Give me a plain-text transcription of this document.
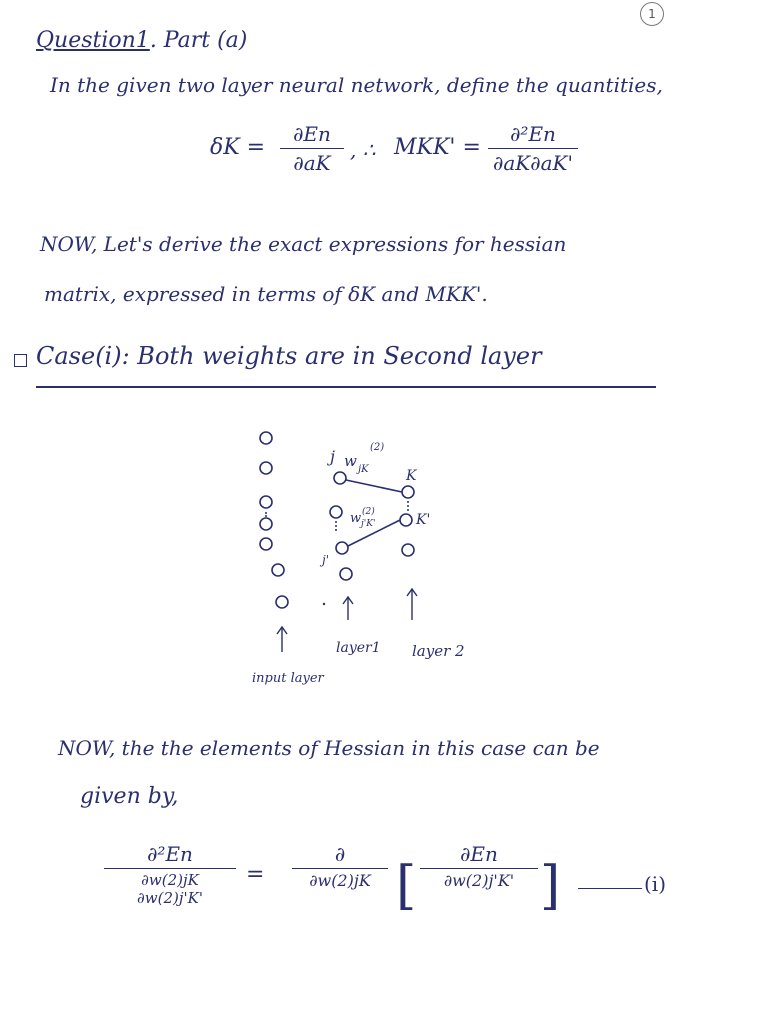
1
Question1. Part (a)
In the given two layer neural network, define the quantities,
δK =
∂En
∂aK
, ∴ MKK' =
∂²En
∂aK∂aK'
NOW, Let's derive the exact expressions for hessian
matrix, expressed in terms of δK and MKK'.
Case(i): Both weights are in Second layer
j w jK
(2)
K
w j'K'
(2)	K'
j'
layer1 layer 2
input layer
NOW, the the elements of Hessian in this case can be
given by,
∂²En
∂w(2)jK ∂w(2)j'K'
=
∂
∂w(2)jK [
∂En
∂w(2)j'K' ]	(i)
